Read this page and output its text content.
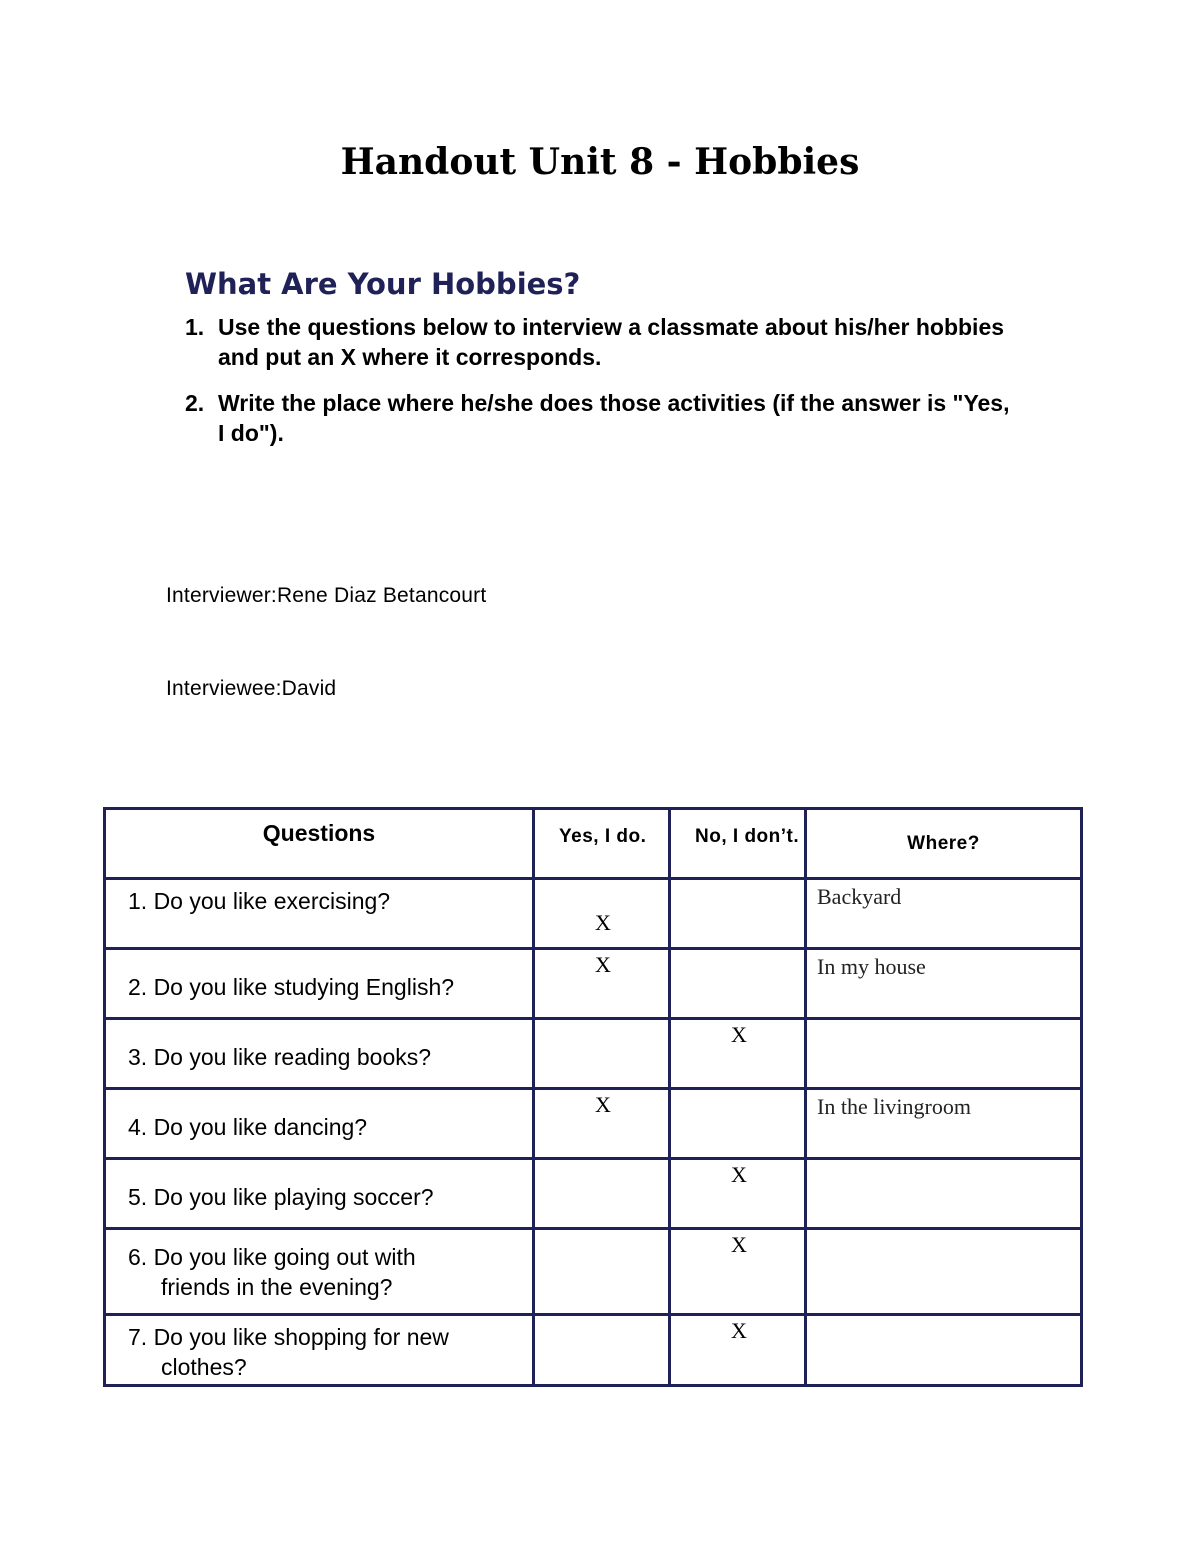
Handout Unit 8 - Hobbies
What Are Your Hobbies?
1. Use the questions below to interview a classmate about his/her hobbies and put an X where it corresponds.
2. Write the place where he/she does those activities (if the answer is "Yes, I do").
Interviewer:Rene Diaz Betancourt
Interviewee:David
Questions	Yes, I do.	No, I don’t.	Where?

1. Do you like exercising?	X		Backyard

2. Do you like studying English?	X		In my house

3. Do you like reading books?		X	

4. Do you like dancing?	X		In the livingroom

5. Do you like playing soccer?		X	

6. Do you like going out with
friends in the evening?		X	

7. Do you like shopping for new
clothes?		X	
